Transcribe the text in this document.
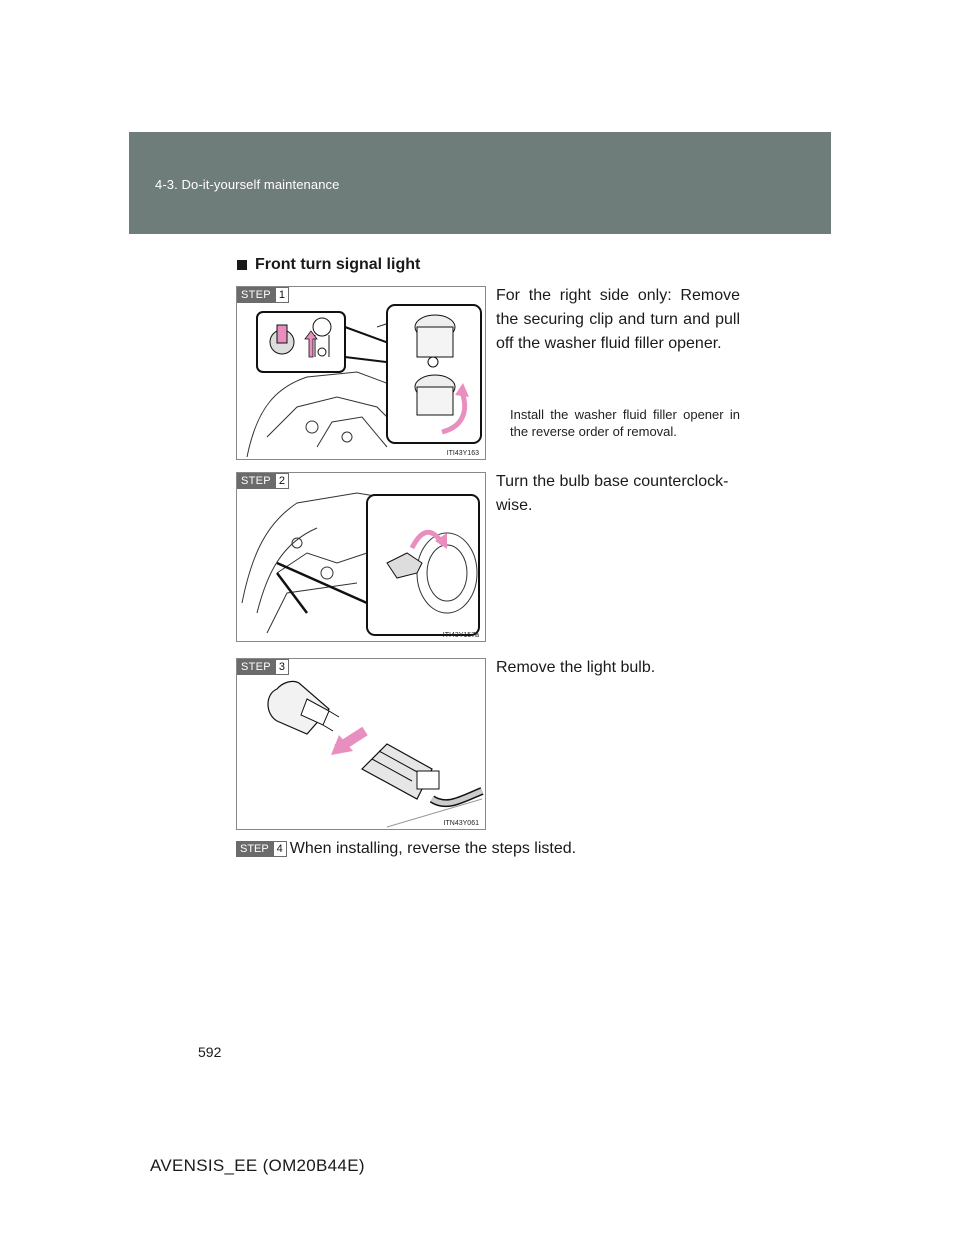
4-3. Do-it-yourself maintenance
Front turn signal light
STEP 1
ITI43Y163
For the right side only: Remove the securing clip and turn and pull off the washer fluid filler opener.
Install the washer fluid filler opener in the reverse order of removal.
STEP 2
ITI43Y157a
Turn the bulb base counterclock-wise.
STEP 3
ITN43Y061
Remove the light bulb.
STEP 4 When installing, reverse the steps listed.
592
AVENSIS_EE (OM20B44E)
